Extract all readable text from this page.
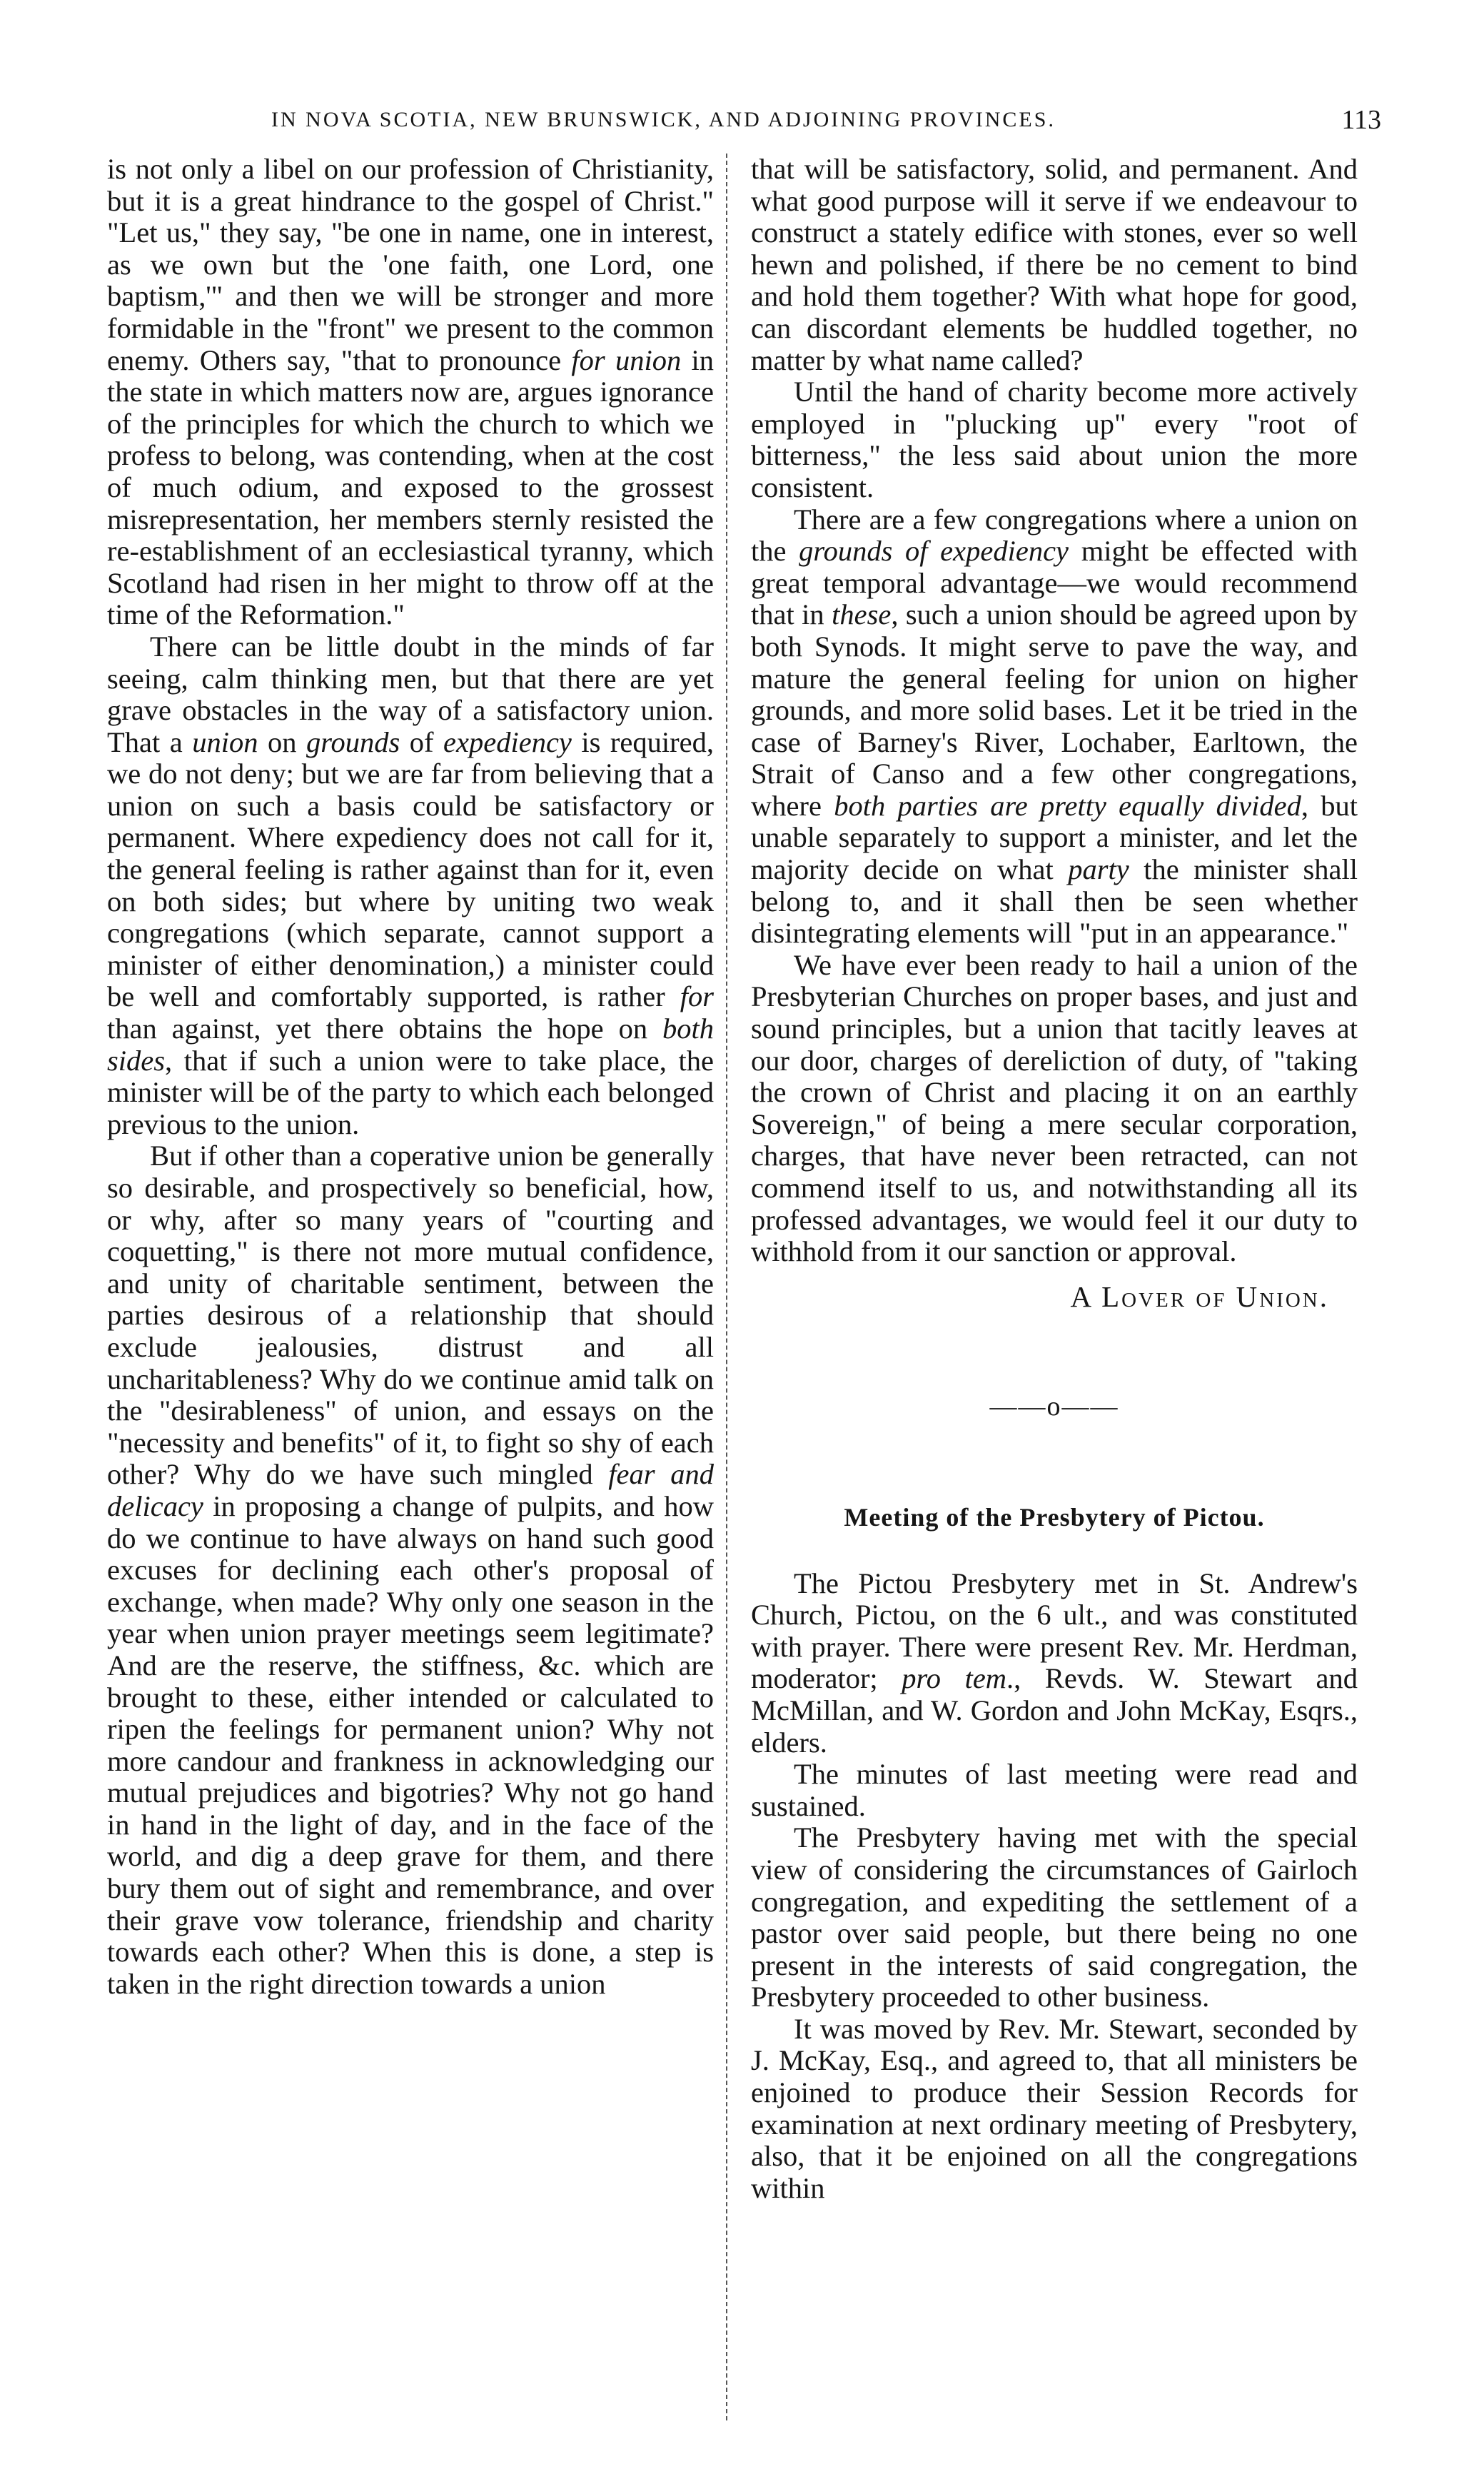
IN NOVA SCOTIA, NEW BRUNSWICK, AND ADJOINING PROVINCES.	113

is not only a libel on our profession of Christianity, but it is a great hindrance to the gospel of Christ." "Let us," they say, "be one in name, one in interest, as we own but the 'one faith, one Lord, one baptism,'" and then we will be stronger and more formidable in the "front" we present to the common enemy. Others say, "that to pronounce for union in the state in which matters now are, argues ignorance of the principles for which the church to which we profess to belong, was contending, when at the cost of much odium, and exposed to the grossest misrepresentation, her members sternly resisted the re-establishment of an ecclesiastical tyranny, which Scotland had risen in her might to throw off at the time of the Reformation."

There can be little doubt in the minds of far seeing, calm thinking men, but that there are yet grave obstacles in the way of a satisfactory union. That a union on grounds of expediency is required, we do not deny; but we are far from believing that a union on such a basis could be satisfactory or permanent. Where expediency does not call for it, the general feeling is rather against than for it, even on both sides; but where by uniting two weak congregations (which separate, cannot support a minister of either denomination,) a minister could be well and comfortably supported, is rather for than against, yet there obtains the hope on both sides, that if such a union were to take place, the minister will be of the party to which each belonged previous to the union.

But if other than a coperative union be generally so desirable, and prospectively so beneficial, how, or why, after so many years of "courting and coquetting," is there not more mutual confidence, and unity of charitable sentiment, between the parties desirous of a relationship that should exclude jealousies, distrust and all uncharitableness? Why do we continue amid talk on the "desirableness" of union, and essays on the "necessity and benefits" of it, to fight so shy of each other? Why do we have such mingled fear and delicacy in proposing a change of pulpits, and how do we continue to have always on hand such good excuses for declining each other's proposal of exchange, when made? Why only one season in the year when union prayer meetings seem legitimate? And are the reserve, the stiffness, &c. which are brought to these, either intended or calculated to ripen the feelings for permanent union? Why not more candour and frankness in acknowledging our mutual prejudices and bigotries? Why not go hand in hand in the light of day, and in the face of the world, and dig a deep grave for them, and there bury them out of sight and remembrance, and over their grave vow tolerance, friendship and charity towards each other? When this is done, a step is taken in the right direction towards a union

that will be satisfactory, solid, and permanent. And what good purpose will it serve if we endeavour to construct a stately edifice with stones, ever so well hewn and polished, if there be no cement to bind and hold them together? With what hope for good, can discordant elements be huddled together, no matter by what name called?

Until the hand of charity become more actively employed in "plucking up" every "root of bitterness," the less said about union the more consistent.

There are a few congregations where a union on the grounds of expediency might be effected with great temporal advantage—we would recommend that in these, such a union should be agreed upon by both Synods. It might serve to pave the way, and mature the general feeling for union on higher grounds, and more solid bases. Let it be tried in the case of Barney's River, Lochaber, Earltown, the Strait of Canso and a few other congregations, where both parties are pretty equally divided, but unable separately to support a minister, and let the majority decide on what party the minister shall belong to, and it shall then be seen whether disintegrating elements will "put in an appearance."

We have ever been ready to hail a union of the Presbyterian Churches on proper bases, and just and sound principles, but a union that tacitly leaves at our door, charges of dereliction of duty, of "taking the crown of Christ and placing it on an earthly Sovereign," of being a mere secular corporation, charges, that have never been retracted, can not commend itself to us, and notwithstanding all its professed advantages, we would feel it our duty to withhold from it our sanction or approval.

A Lover of Union.
——o——
Meeting of the Presbytery of Pictou.

The Pictou Presbytery met in St. Andrew's Church, Pictou, on the 6 ult., and was constituted with prayer. There were present Rev. Mr. Herdman, moderator; pro tem., Revds. W. Stewart and McMillan, and W. Gordon and John McKay, Esqrs., elders.

The minutes of last meeting were read and sustained.

The Presbytery having met with the special view of considering the circumstances of Gairloch congregation, and expediting the settlement of a pastor over said people, but there being no one present in the interests of said congregation, the Presbytery proceeded to other business.

It was moved by Rev. Mr. Stewart, seconded by J. McKay, Esq., and agreed to, that all ministers be enjoined to produce their Session Records for examination at next ordinary meeting of Presbytery, also, that it be enjoined on all the congregations within
